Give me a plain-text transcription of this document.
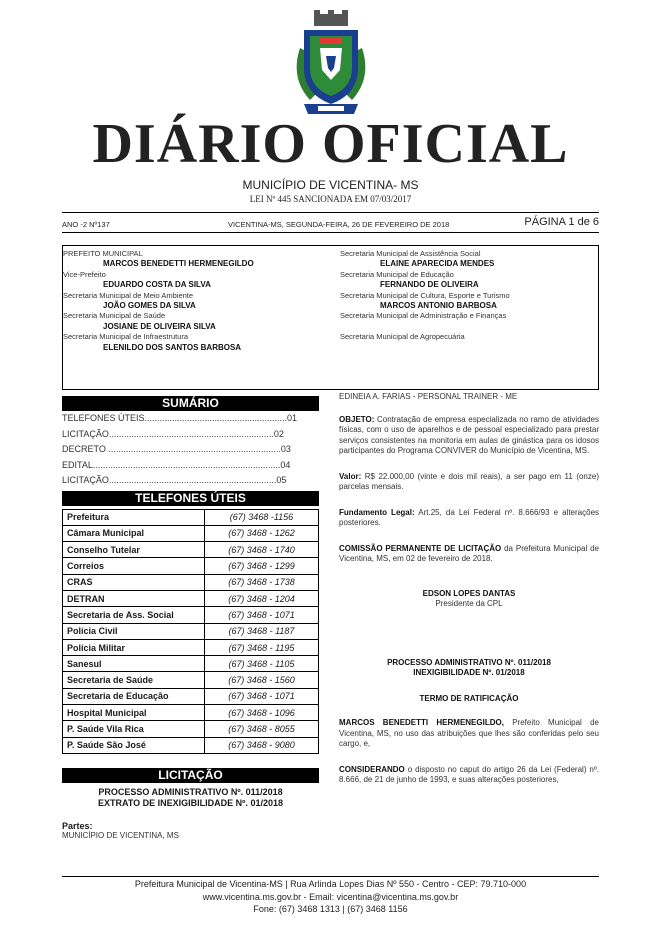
DIÁRIO OFICIAL
MUNICÍPIO DE VICENTINA- MS
LEI Nº 445 SANCIONADA EM 07/03/2017
ANO -2 Nº137	VICENTINA-MS, SEGUNDA-FEIRA, 26 DE FEVEREIRO DE 2018	PÁGINA 1 de 6
PREFEITO MUNICIPAL
MARCOS BENEDETTI HERMENEGILDO
Vice-Prefeito
EDUARDO COSTA DA SILVA
Secretaria Municipal de Meio Ambiente
JOÃO GOMES DA SILVA
Secretaria Municipal de Saúde
JOSIANE DE OLIVEIRA SILVA
Secretaria Municipal de Infraestrutura
ELENILDO DOS SANTOS BARBOSA
Secretaria Municipal de Assistência Social
ELAINE APARECIDA MENDES
Secretaria Municipal de Educação
FERNANDO DE OLIVEIRA
Secretaria Municipal de Cultura, Esporte e Turismo
MARCOS ANTONIO BARBOSA
Secretaria Municipal de Administração e Finanças
Secretaria Municipal de Agropecuária
SUMÁRIO
TELEFONES ÚTEIS.........................................................01
LICITAÇÃO..................................................................02
DECRETO .....................................................................03
EDITAL...........................................................................04
LICITAÇÃO...................................................................05
TELEFONES ÚTEIS
Prefeitura	(67) 3468 -1156
Câmara Municipal	(67) 3468 - 1262
Conselho Tutelar	(67) 3468 - 1740
Correios	(67) 3468 - 1299
CRAS	(67) 3468 - 1738
DETRAN	(67) 3468 - 1204
Secretaria de Ass. Social	(67) 3468 - 1071
Polícia Civil	(67) 3468 - 1187
Polícia Militar	(67) 3468 - 1195
Sanesul	(67) 3468 - 1105
Secretaria de Saúde	(67) 3468 - 1560
Secretaria de Educação	(67) 3468 - 1071
Hospital Municipal	(67) 3468 - 1096
P. Saúde Vila Rica	(67) 3468 - 8055
P. Saúde São José	(67) 3468 - 9080
LICITAÇÃO
PROCESSO ADMINISTRATIVO Nº. 011/2018
EXTRATO DE INEXIGIBILIDADE Nº. 01/2018
Partes:
MUNICÍPIO DE VICENTINA, MS

EDINEIA A. FARIAS - PERSONAL TRAINER - ME

OBJETO: Contratação de empresa especializada no ramo de atividades físicas, com o uso de aparelhos e de pessoal especializado para prestar serviços consistentes na monitoria em aulas de ginástica para os idosos participantes do Programa CONVIVER do Município de Vicentina, MS.

Valor: R$ 22.000,00 (vinte e dois mil reais), a ser pago em 11 (onze) parcelas mensais.

Fundamento Legal: Art.25, da Lei Federal nº. 8.666/93 e alterações posteriores.

COMISSÃO PERMANENTE DE LICITAÇÃO da Prefeitura Municipal de Vicentina, MS, em 02 de fevereiro de 2018.

EDSON LOPES DANTAS

Presidente da CPL

PROCESSO ADMINISTRATIVO Nº. 011/2018

INEXIGIBILIDADE Nº. 01/2018

TERMO DE RATIFICAÇÃO

MARCOS BENEDETTI HERMENEGILDO, Prefeito Municipal de Vicentina, MS, no uso das atribuições que lhes são conferidas pelo seu cargo, e,

CONSIDERANDO o disposto no caput do artigo 26 da Lei (Federal) nº. 8.666, de 21 de junho de 1993, e suas alterações posteriores,

Prefeitura Municipal de Vicentina-MS | Rua Arlinda Lopes Dias Nº 550 - Centro - CEP: 79.710-000
www.vicentina.ms.gov.br - Email: vicentina@vicentina.ms.gov.br
Fone: (67) 3468 1313 | (67) 3468 1156
